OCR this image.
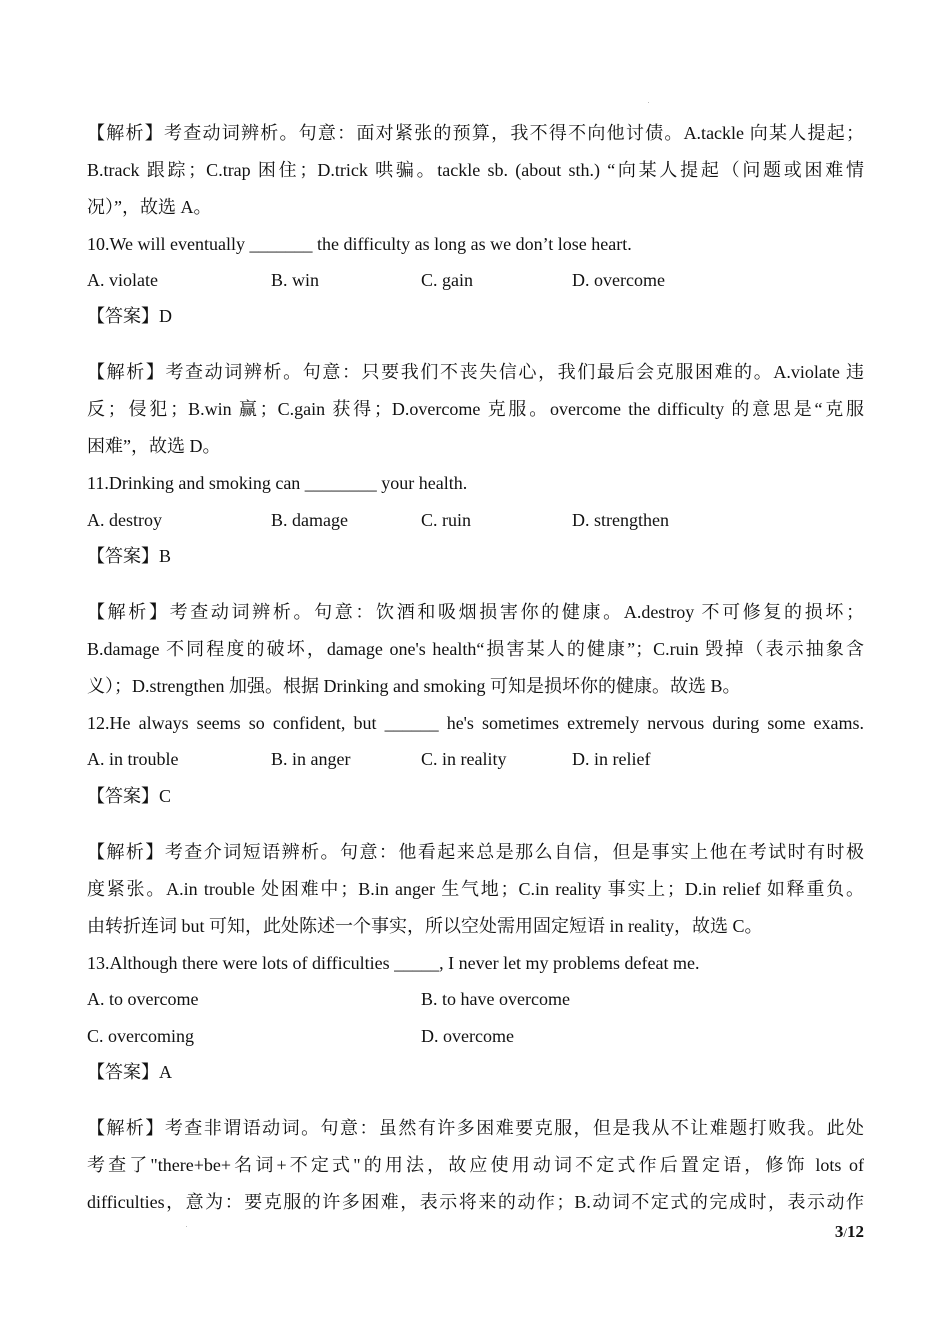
【解析】考查动词辨析。句意：面对紧张的预算，我不得不向他讨债。A.tackle 向某人提起；
B.track 跟踪；C.trap 困住；D.trick 哄骗。tackle sb. (about sth.) “向某人提起（问题或困难情
况）”，故选 A。
10.We will eventually _______ the difficulty as long as we don’t lose heart.
A. violate	B. win	C. gain	D. overcome
【答案】D
【解析】考查动词辨析。句意：只要我们不丧失信心，我们最后会克服困难的。A.violate 违
反；侵犯；B.win 赢；C.gain 获得；D.overcome 克服。overcome the difficulty 的意思是“克服
困难”，故选 D。
11.Drinking and smoking can ________ your health.
A. destroy	B. damage	C. ruin	D. strengthen
【答案】B
【解析】考查动词辨析。句意：饮酒和吸烟损害你的健康。A.destroy 不可修复的损坏；
B.damage 不同程度的破坏，damage one's health“损害某人的健康”；C.ruin 毁掉（表示抽象含
义）；D.strengthen 加强。根据 Drinking and smoking 可知是损坏你的健康。故选 B。
12.He always seems so confident, but ______ he's sometimes extremely nervous during some exams.
A. in trouble	B. in anger	C. in reality	D. in relief
【答案】C
【解析】考查介词短语辨析。句意：他看起来总是那么自信，但是事实上他在考试时有时极
度紧张。A.in trouble 处困难中；B.in anger 生气地；C.in reality 事实上；D.in relief 如释重负。
由转折连词 but 可知，此处陈述一个事实，所以空处需用固定短语 in reality，故选 C。
13.Although there were lots of difficulties _____, I never let my problems defeat me.
A. to overcome	B. to have overcome
C. overcoming	D. overcome
【答案】A
【解析】考查非谓语动词。句意：虽然有许多困难要克服，但是我从不让难题打败我。此处
考查了"there+be+名词+不定式"的用法，故应使用动词不定式作后置定语，修饰 lots of
difficulties，意为：要克服的许多困难，表示将来的动作；B.动词不定式的完成时，表示动作
3/12
